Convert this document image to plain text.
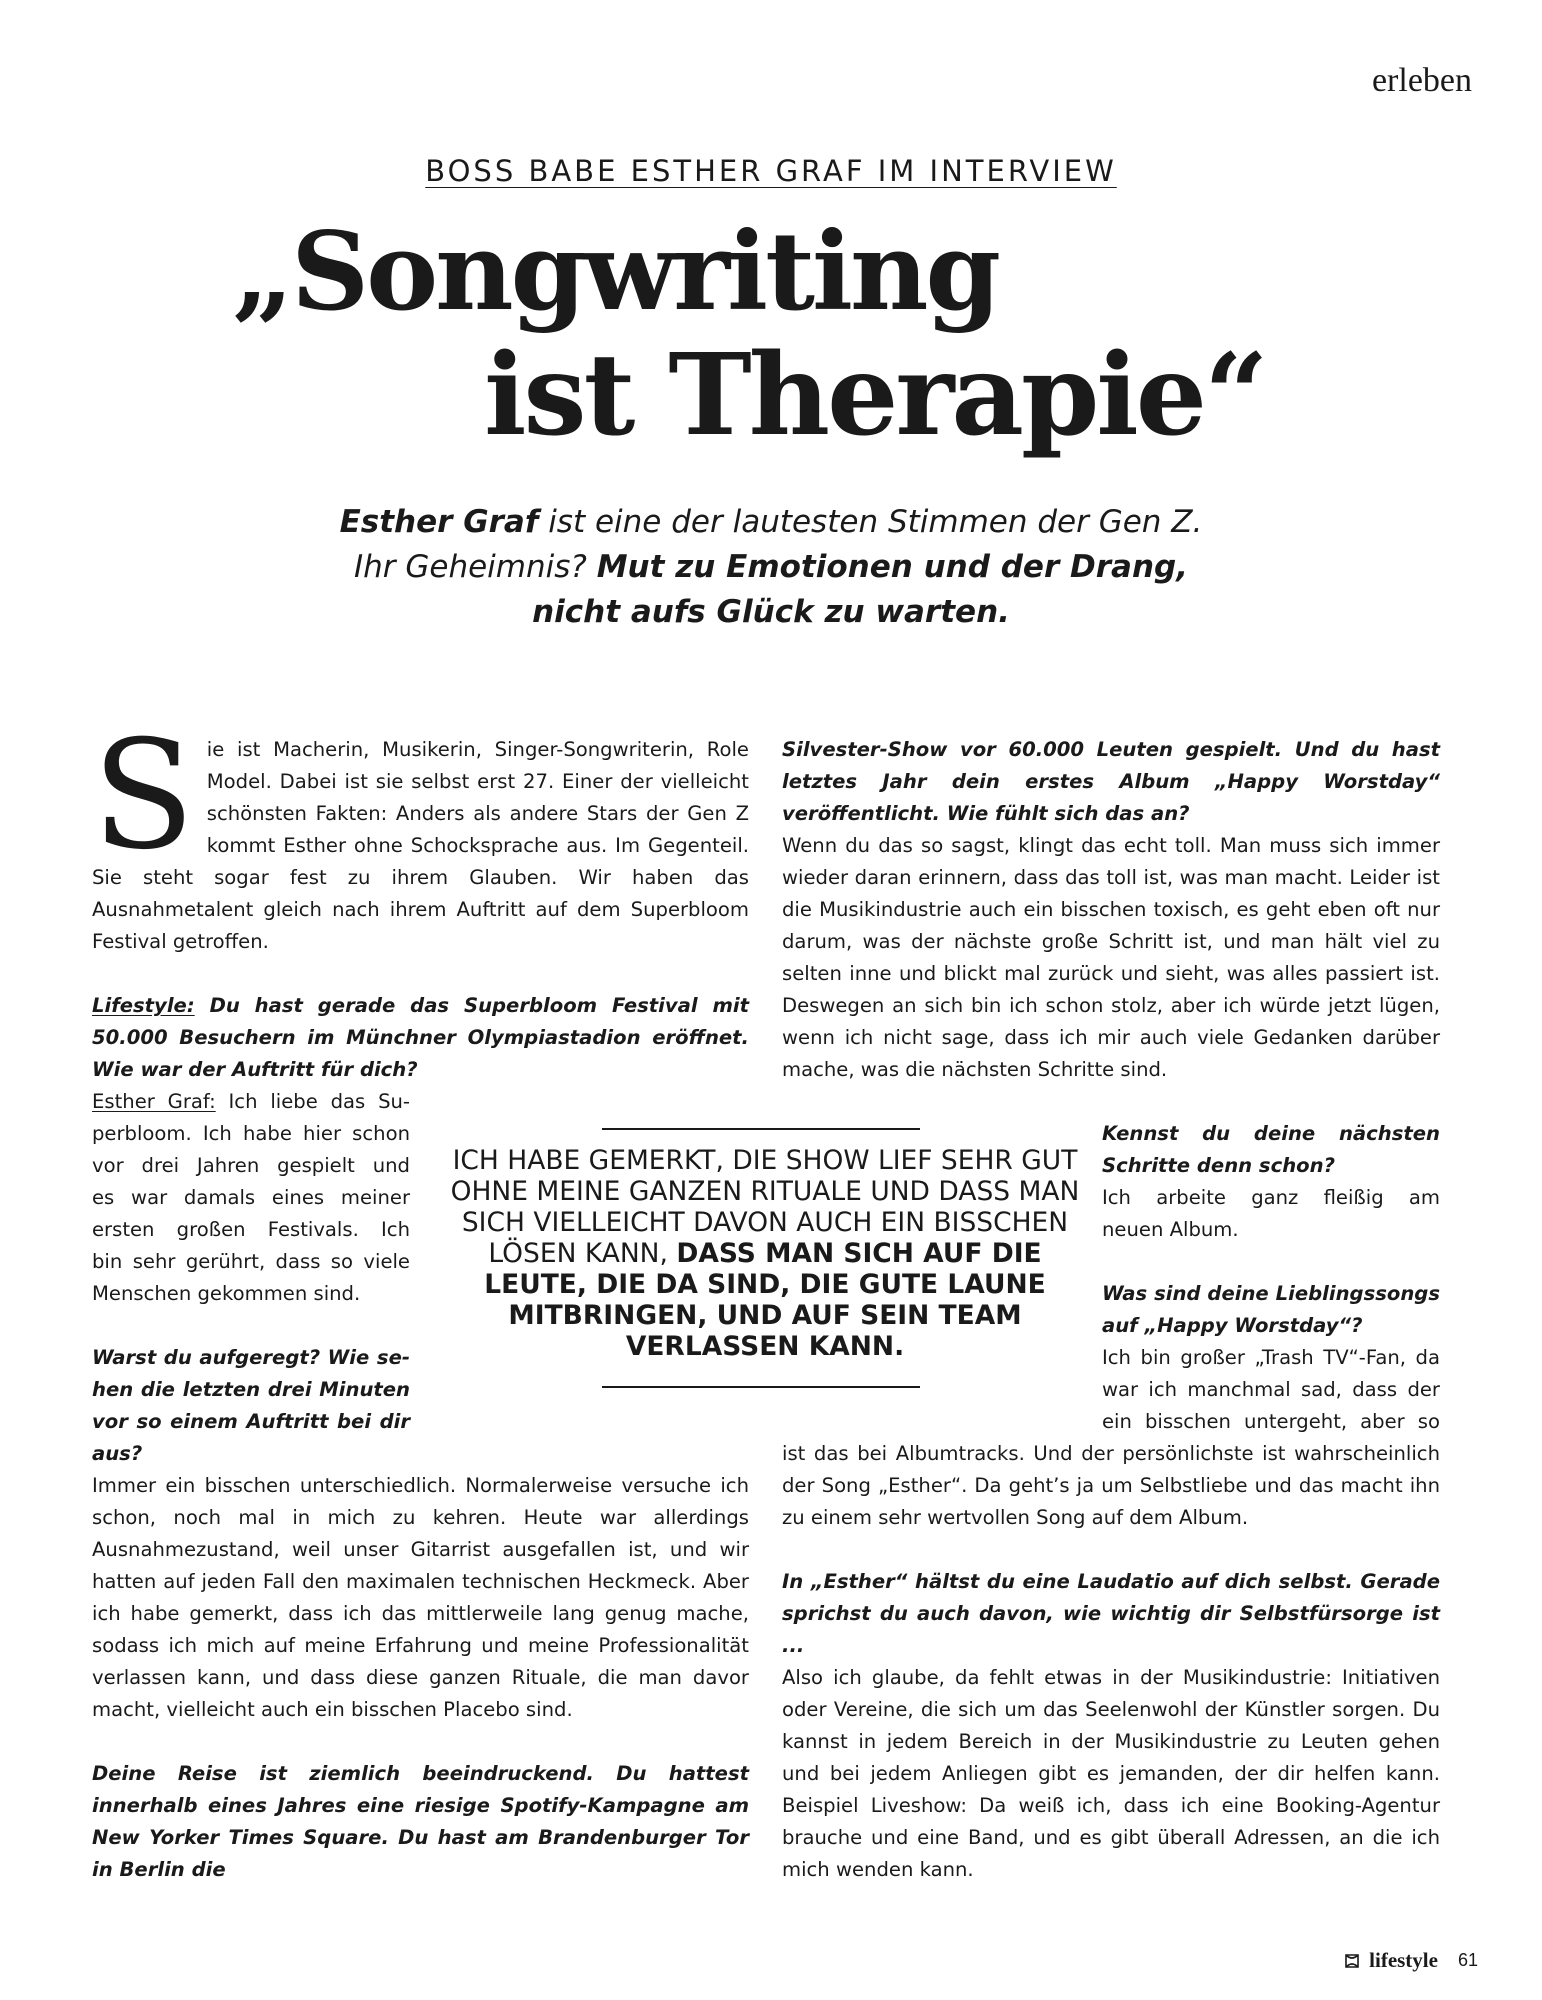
erleben
BOSS BABE ESTHER GRAF IM INTERVIEW
„Songwriting
ist Therapie“
Esther Graf ist eine der lautesten Stimmen der Gen Z.
Ihr Geheimnis? Mut zu Emotionen und der Drang,
nicht aufs Glück zu warten.

Sie ist Macherin, Musikerin, Singer-Songwriterin, Role Model. Dabei ist sie selbst erst 27. Einer der vielleicht schönsten Fakten: Anders als andere Stars der Gen Z kommt Esther ohne Schocksprache aus. Im Gegenteil. Sie steht sogar fest zu ihrem Glauben. Wir haben das Ausnahmetalent gleich nach ihrem Auftritt auf dem Superbloom Festival getroffen.

Lifestyle: Du hast gerade das Superbloom Festival mit 50.000 Besuchern im Münchner Olympiastadion eröffnet. Wie war der Auftritt für dich?

Esther Graf: Ich liebe das Su-
perbloom. Ich habe hier schon
vor drei Jahren gespielt und
es war damals eines meiner
ersten großen Festivals. Ich
bin sehr gerührt, dass so viele
Menschen gekommen sind.
Warst du aufgeregt? Wie se-
hen die letzten drei Minuten
vor so einem Auftritt bei dir
aus?

Immer ein bisschen unterschiedlich. Normalerweise versuche ich schon, noch mal in mich zu kehren. Heute war allerdings Ausnahmezustand, weil unser Gitarrist ausgefallen ist, und wir hatten auf jeden Fall den maximalen technischen Heckmeck. Aber ich habe gemerkt, dass ich das mittlerweile lang genug mache, sodass ich mich auf meine Erfahrung und meine Professionalität verlassen kann, und dass diese ganzen Rituale, die man davor macht, vielleicht auch ein bisschen Placebo sind.

Deine Reise ist ziemlich beeindruckend. Du hattest innerhalb eines Jahres eine riesige Spotify-Kampagne am New Yorker Times Square. Du hast am Brandenburger Tor in Berlin die

Silvester-Show vor 60.000 Leuten gespielt. Und du hast letztes Jahr dein erstes Album „Happy Worstday“ veröffentlicht. Wie fühlt sich das an?

Wenn du das so sagst, klingt das echt toll. Man muss sich immer wieder daran erinnern, dass das toll ist, was man macht. Leider ist die Musikindustrie auch ein bisschen toxisch, es geht eben oft nur darum, was der nächste große Schritt ist, und man hält viel zu selten inne und blickt mal zurück und sieht, was alles passiert ist. Deswegen an sich bin ich schon stolz, aber ich würde jetzt lügen, wenn ich nicht sage, dass ich mir auch viele Gedanken darüber mache, was die nächsten Schritte sind.

Kennst du deine nächsten
Schritte denn schon?
Ich arbeite ganz fleißig am
neuen Album.
Was sind deine Lieblingssongs
auf „Happy Worstday“?
Ich bin großer „Trash TV“-Fan, da
war ich manchmal sad, dass der
ein bisschen untergeht, aber so

ist das bei Albumtracks. Und der persönlichste ist wahrscheinlich der Song „Esther“. Da geht’s ja um Selbstliebe und das macht ihn zu einem sehr wertvollen Song auf dem Album.

In „Esther“ hältst du eine Laudatio auf dich selbst. Gerade sprichst du auch davon, wie wichtig dir Selbstfürsorge ist ...

Also ich glaube, da fehlt etwas in der Musikindustrie: Initiativen oder Vereine, die sich um das Seelenwohl der Künstler sorgen. Du kannst in jedem Bereich in der Musikindustrie zu Leuten gehen und bei jedem Anliegen gibt es jemanden, der dir helfen kann. Beispiel Liveshow: Da weiß ich, dass ich eine Booking-Agentur brauche und eine Band, und es gibt überall Adressen, an die ich mich wenden kann.

ICH HABE GEMERKT, DIE SHOW LIEF SEHR GUT OHNE MEINE GANZEN RITUALE UND DASS MAN SICH VIELLEICHT DAVON AUCH EIN BISSCHEN LÖSEN KANN, DASS MAN SICH AUF DIE LEUTE, DIE DA SIND, DIE GUTE LAUNE MITBRINGEN, UND AUF SEIN TEAM VERLASSEN KANN.
lifestyle 61
